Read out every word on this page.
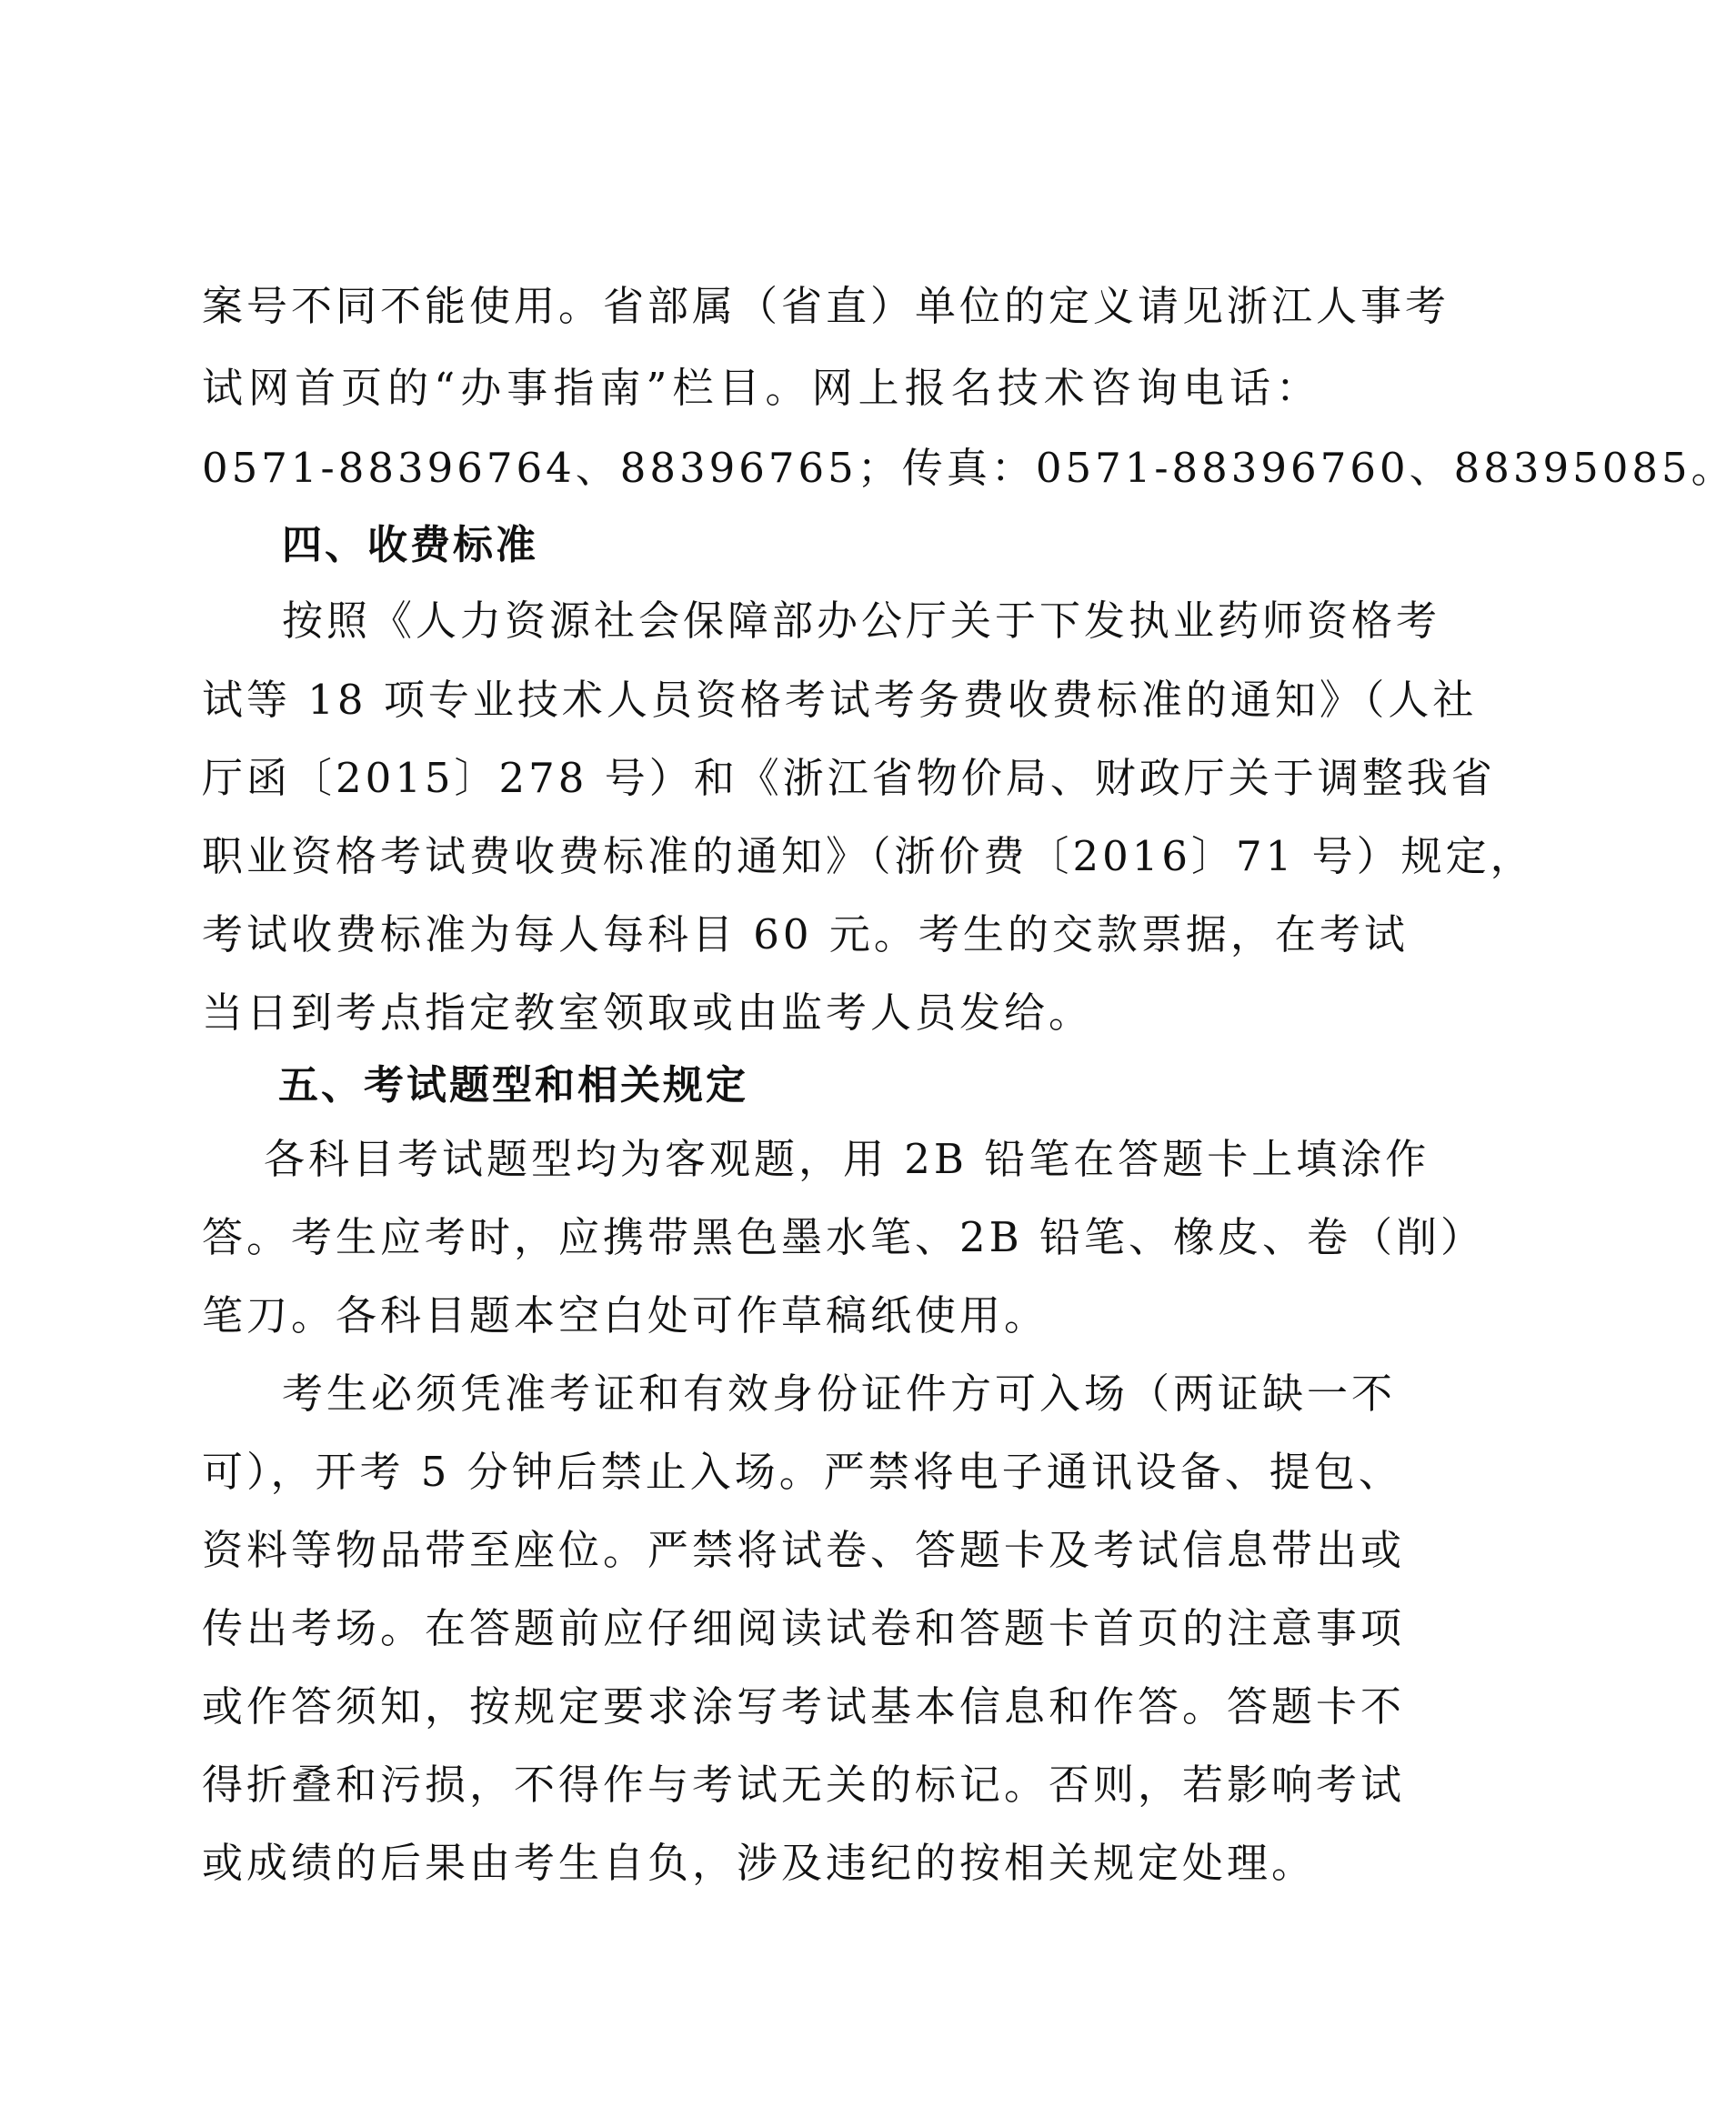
案号不同不能使用。省部属（省直）单位的定义请见浙江人事考
试网首页的“办事指南”栏目。网上报名技术咨询电话：
0571-88396764、88396765；传真：0571-88396760、88395085。
四、收费标准
按照《人力资源社会保障部办公厅关于下发执业药师资格考
试等 18 项专业技术人员资格考试考务费收费标准的通知》（人社
厅函〔2015〕278 号）和《浙江省物价局、财政厅关于调整我省
职业资格考试费收费标准的通知》（浙价费〔2016〕71 号）规定，
考试收费标准为每人每科目 60 元。考生的交款票据，在考试
当日到考点指定教室领取或由监考人员发给。
五、考试题型和相关规定
各科目考试题型均为客观题，用 2B 铅笔在答题卡上填涂作
答。考生应考时，应携带黑色墨水笔、2B 铅笔、橡皮、卷（削）
笔刀。各科目题本空白处可作草稿纸使用。
考生必须凭准考证和有效身份证件方可入场（两证缺一不
可），开考 5 分钟后禁止入场。严禁将电子通讯设备、提包、
资料等物品带至座位。严禁将试卷、答题卡及考试信息带出或
传出考场。在答题前应仔细阅读试卷和答题卡首页的注意事项
或作答须知，按规定要求涂写考试基本信息和作答。答题卡不
得折叠和污损，不得作与考试无关的标记。否则，若影响考试
或成绩的后果由考生自负，涉及违纪的按相关规定处理。
